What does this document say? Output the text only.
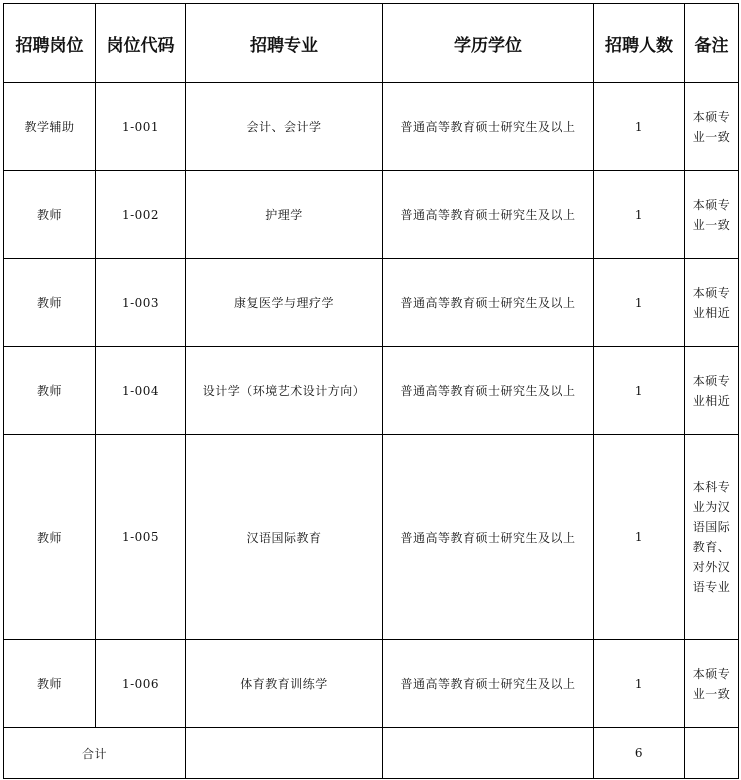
招聘岗位	岗位代码	招聘专业	学历学位	招聘人数	备注
教学辅助	1-001	会计、会计学	普通高等教育硕士研究生及以上	1	本硕专业一致
教师	1-002	护理学	普通高等教育硕士研究生及以上	1	本硕专业一致
教师	1-003	康复医学与理疗学	普通高等教育硕士研究生及以上	1	本硕专业相近
教师	1-004	设计学（环境艺术设计方向）	普通高等教育硕士研究生及以上	1	本硕专业相近
教师	1-005	汉语国际教育	普通高等教育硕士研究生及以上	1	本科专业为汉语国际教育、对外汉语专业
教师	1-006	体育教育训练学	普通高等教育硕士研究生及以上	1	本硕专业一致
合计				6	
